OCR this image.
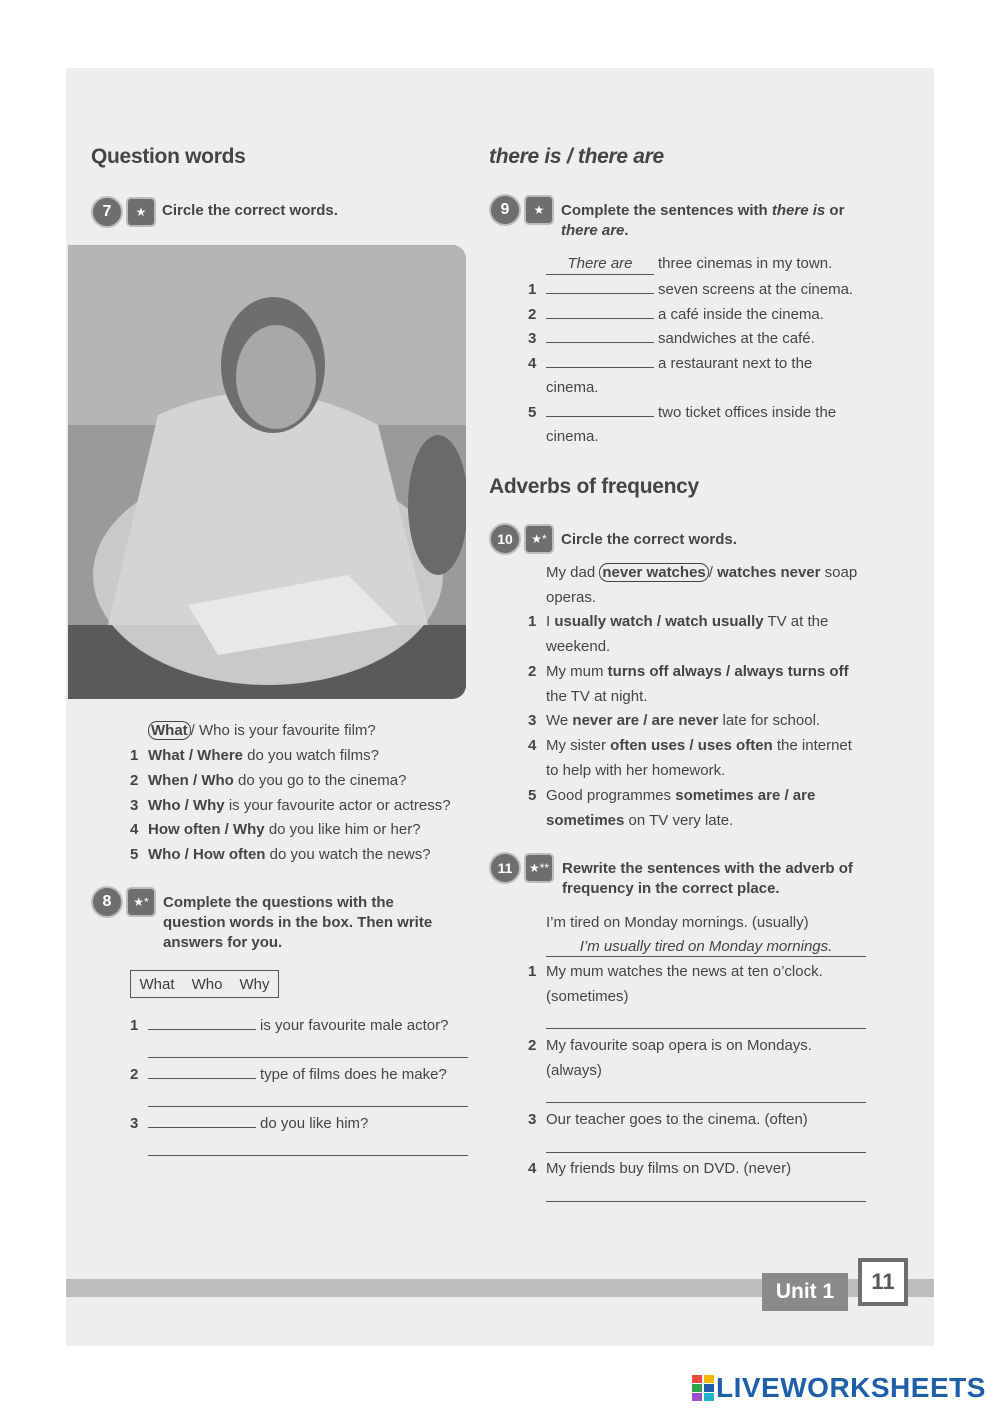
Question words
7	★	Circle the correct words.
What / Who is your favourite film?
1 What / Where do you watch films?
2 When / Who do you go to the cinema?
3 Who / Why is your favourite actor or actress?
4 How often / Why do you like him or her?
5 Who / How often do you watch the news?
8	★* Complete the questions with the
question words in the box. Then write
answers for you.
What Who Why
1	is your favourite male actor?
2	type of films does he make?
3	do you like him?
there is / there are
9	★	Complete the sentences with there is or
there are.
There are three cinemas in my town.
1	seven screens at the cinema.
2	a café inside the cinema.
3	sandwiches at the café.
4	a restaurant next to the
cinema.
5	two ticket offices inside the
cinema.
Adverbs of frequency
10	★* Circle the correct words.
My dad never watches / watches never soap
operas.
1 I usually watch / watch usually TV at the
weekend.
2 My mum turns off always / always turns off
the TV at night.
3 We never are / are never late for school.
4 My sister often uses / uses often the internet
to help with her homework.
5 Good programmes sometimes are / are
sometimes on TV very late.
11	★** Rewrite the sentences with the adverb of
frequency in the correct place.
I’m tired on Monday mornings. (usually)
I’m usually tired on Monday mornings.
1 My mum watches the news at ten o’clock.
(sometimes)
2 My favourite soap opera is on Mondays.
(always)
3 Our teacher goes to the cinema. (often)
4 My friends buy films on DVD. (never)
Unit 1	11
LIVEWORKSHEETS
